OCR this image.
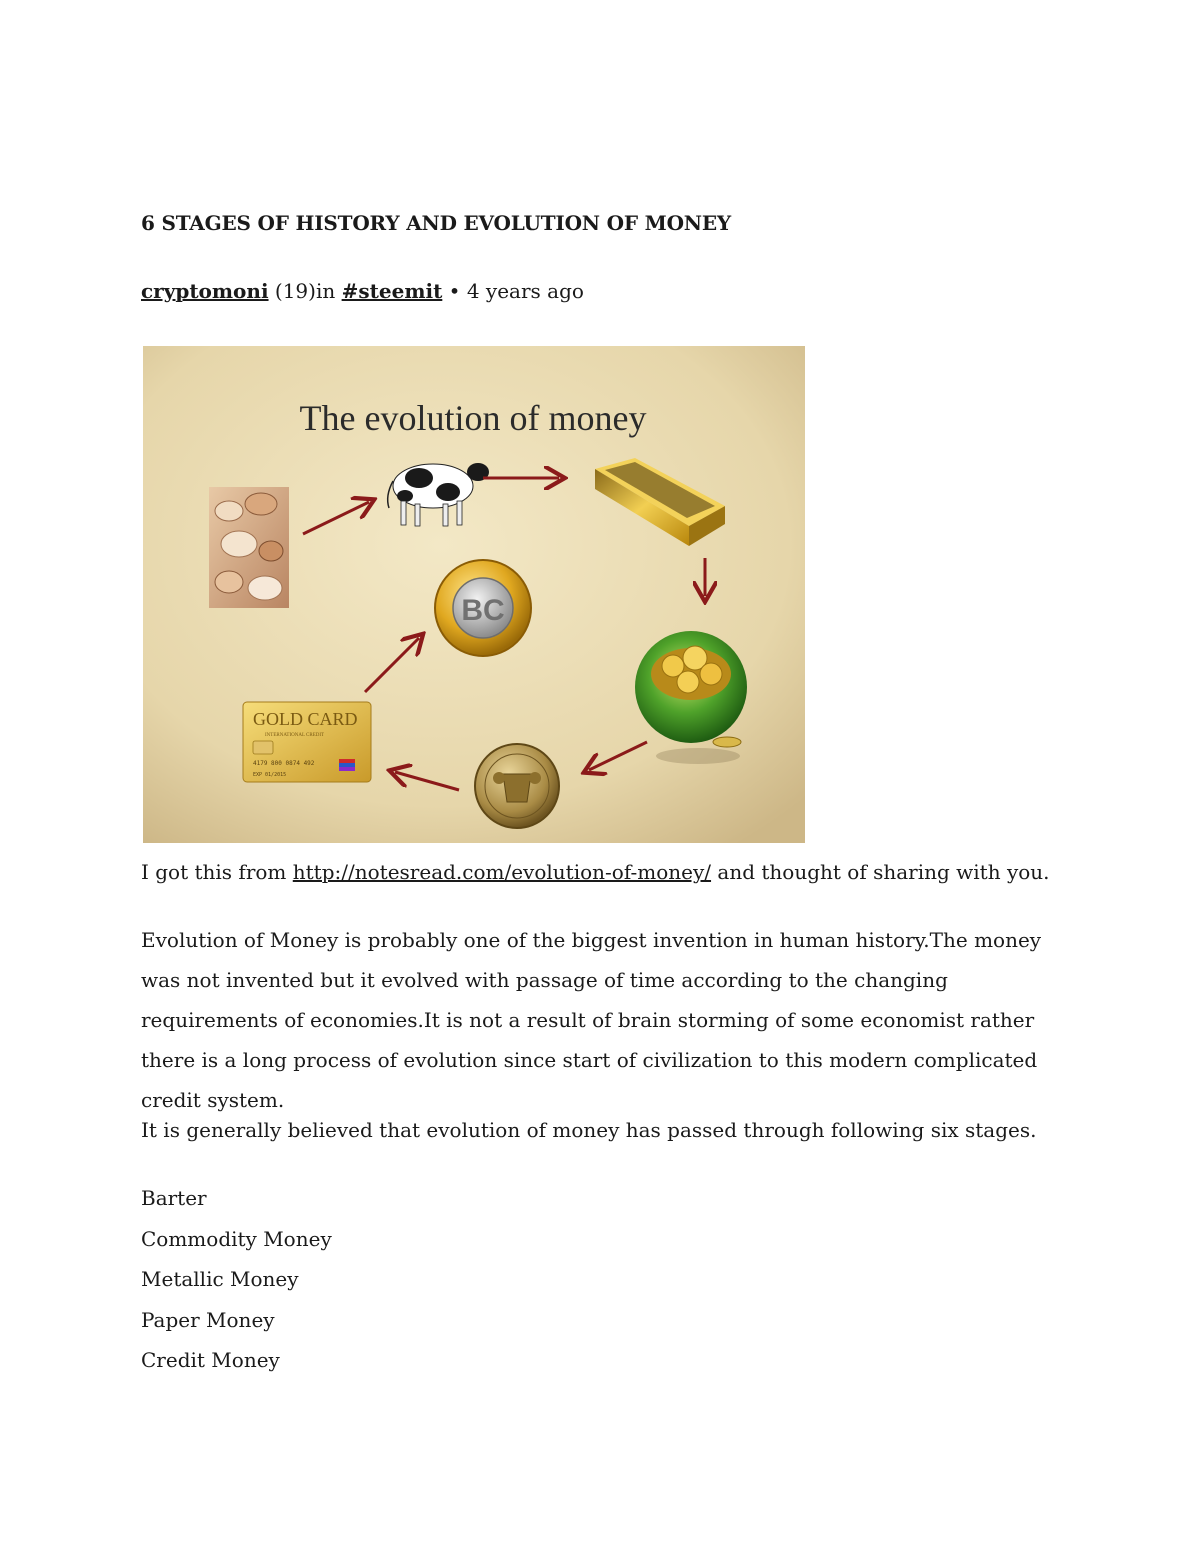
6 STAGES OF HISTORY AND EVOLUTION OF MONEY
cryptomoni (19)in #steemit • 4 years ago
The evolution of money
BC
GOLD CARD
INTERNATIONAL CREDIT
4179 800 0874 492
EXP 01/2015

I got this from http://notesread.com/evolution-of-money/ and thought of sharing with you.

Evolution of Money is probably one of the biggest invention in human history.The money was not invented but it evolved with passage of time according to the changing requirements of economies.It is not a result of brain storming of some economist rather there is a long process of evolution since start of civilization to this modern complicated credit system.

It is generally believed that evolution of money has passed through following six stages.

Barter
Commodity Money
Metallic Money
Paper Money
Credit Money
